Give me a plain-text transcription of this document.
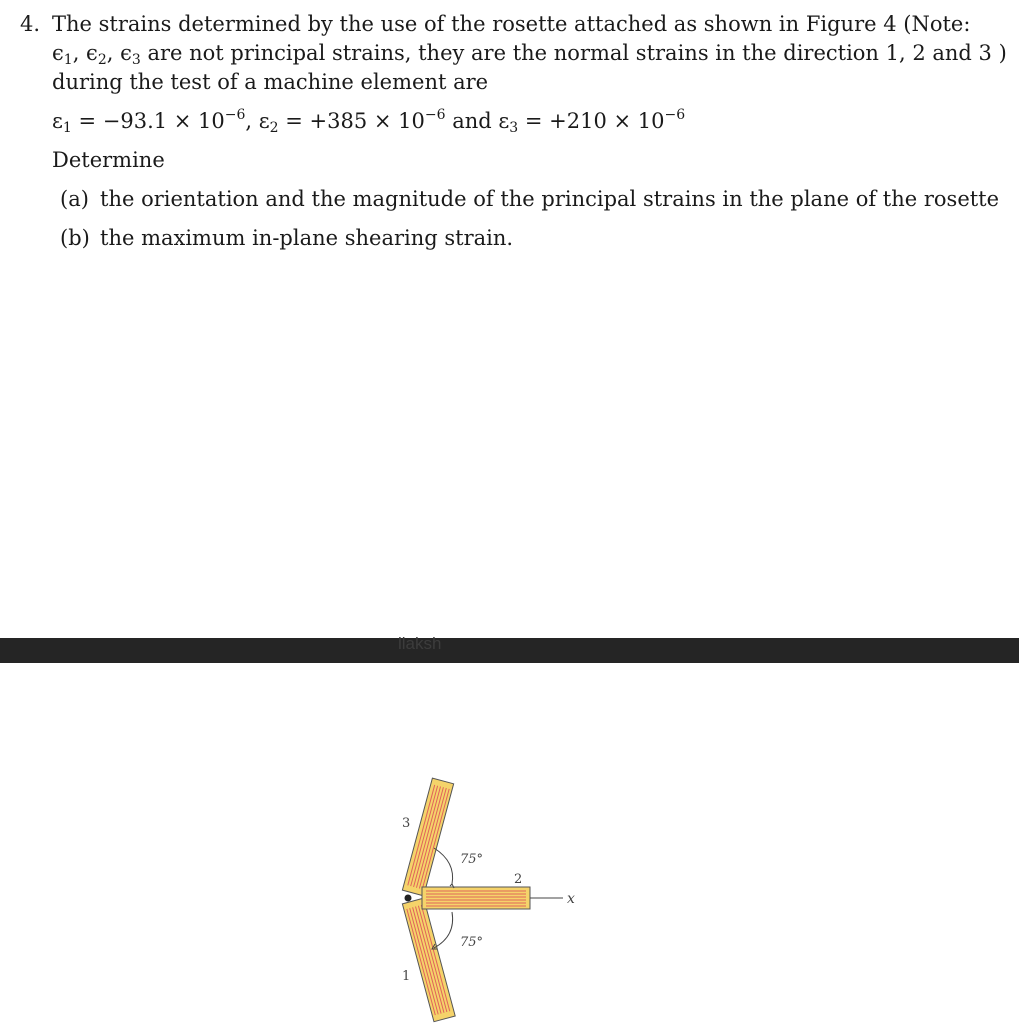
4. The strains determined by the use of the rosette attached as shown in Figure 4 (Note:
$\epsilon_1$, $\epsilon_2$, $\epsilon_3$ are not principal strains, they are the normal strains in the direction 1, 2 and 3 )
during the test of a machine element are
$\varepsilon_1 = -93.1 \times 10^{-6}$, $\varepsilon_2 = +385 \times 10^{-6}$ and $\varepsilon_3 = +210 \times 10^{-6}$
Determine
(a) the orientation and the magnitude of the principal strains in the plane of the rosette
(b) the maximum in-plane shearing strain.
llaksh
x
75°
75°
3
2
1
